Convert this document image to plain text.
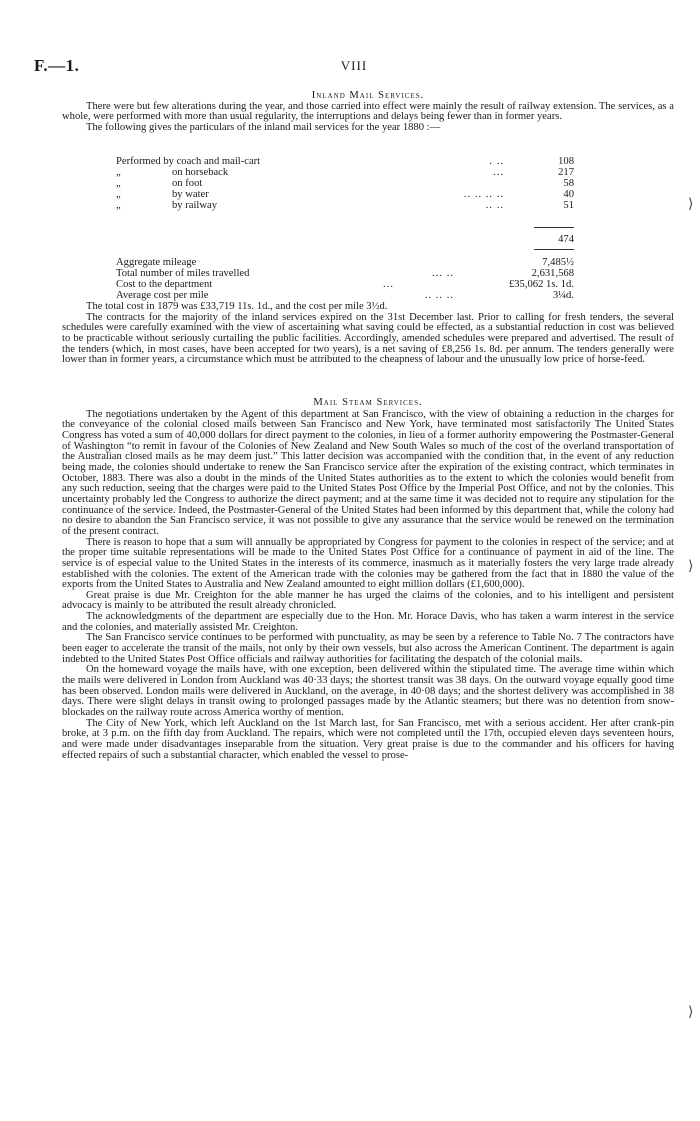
F.—1.	VIII
Inland Mail Services.

There were but few alterations during the year, and those carried into effect were mainly the result of railway extension. The services, as a whole, were performed with more than usual regularity, the interruptions and delays being fewer than in former years.

The following gives the particulars of the inland mail services for the year 1880 :—

Performed by coach and mail-cart	. ..	108
„	on horseback	...	217
„	on foot	58
„	by water	.. .. .. ..	40
„	by railway	.. ..	51
474
Aggregate mileage	7,485½
Total number of miles travelled	... ..	2,631,568
Cost to the department	...	£35,062 1s. 1d.
Average cost per mile	.. .. ..	3¼d.

The total cost in 1879 was £33,719 11s. 1d., and the cost per mile 3½d.

The contracts for the majority of the inland services expired on the 31st December last. Prior to calling for fresh tenders, the several schedules were carefully examined with the view of ascertaining what saving could be effected, as a substantial reduction in cost was believed to be practicable without seriously curtailing the public facilities. Accordingly, amended schedules were prepared and advertised. The result of the tenders (which, in most cases, have been accepted for two years), is a net saving of £8,256 1s. 8d. per annum. The tenders generally were lower than in former years, a circumstance which must be attributed to the cheapness of labour and the unusually low price of horse-feed.

Mail Steam Services.

The negotiations undertaken by the Agent of this department at San Francisco, with the view of obtaining a reduction in the charges for the conveyance of the colonial closed mails between San Francisco and New York, have terminated most satisfactorily The United States Congress has voted a sum of 40,000 dollars for direct payment to the colonies, in lieu of a former authority empowering the Postmaster-General of Washington “to remit in favour of the Colonies of New Zealand and New South Wales so much of the cost of the overland transportation of the Australian closed mails as he may deem just.” This latter decision was accompanied with the condition that, in the event of any reduction being made, the colonies should undertake to renew the San Francisco service after the expiration of the existing contract, which terminates in October, 1883. There was also a doubt in the minds of the United States authorities as to the extent to which the colonies would benefit from any such reduction, seeing that the charges were paid to the United States Post Office by the Imperial Post Office, and not by the colonies. This uncertainty probably led the Congress to authorize the direct payment; and at the same time it was decided not to require any stipulation for the continuance of the service. Indeed, the Postmaster-General of the United States had been informed by this department that, while the colony had no desire to abandon the San Francisco service, it was not possible to give any assurance that the service would be renewed on the termination of the present contract.

There is reason to hope that a sum will annually be appropriated by Congress for payment to the colonies in respect of the service; and at the proper time suitable representations will be made to the United States Post Office for a continuance of payment in aid of the line. The service is of especial value to the United States in the interests of its commerce, inasmuch as it materially fosters the very large trade already established with the colonies. The extent of the American trade with the colonies may be gathered from the fact that in 1880 the value of the exports from the United States to Australia and New Zealand amounted to eight million dollars (£1,600,000).

Great praise is due Mr. Creighton for the able manner he has urged the claims of the colonies, and to his intelligent and persistent advocacy is mainly to be attributed the result already chronicled.

The acknowledgments of the department are especially due to the Hon. Mr. Horace Davis, who has taken a warm interest in the service and the colonies, and materially assisted Mr. Creighton.

The San Francisco service continues to be performed with punctuality, as may be seen by a reference to Table No. 7 The contractors have been eager to accelerate the transit of the mails, not only by their own vessels, but also across the American Continent. The department is again indebted to the United States Post Office officials and railway authorities for facilitating the despatch of the colonial mails.

On the homeward voyage the mails have, with one exception, been delivered within the stipulated time. The average time within which the mails were delivered in London from Auckland was 40·33 days; the shortest transit was 38 days. On the outward voyage equally good time has been observed. London mails were delivered in Auckland, on the average, in 40·08 days; and the shortest delivery was accomplished in 38 days. There were slight delays in transit owing to prolonged passages made by the Atlantic steamers; but there was no detention from snow-blockades on the railway route across America worthy of mention.

The City of New York, which left Auckland on the 1st March last, for San Francisco, met with a serious accident. Her after crank-pin broke, at 3 p.m. on the fifth day from Auckland. The repairs, which were not completed until the 17th, occupied eleven days seventeen hours, and were made under disadvantages inseparable from the situation. Very great praise is due to the commander and his officers for having effected repairs of such a substantial character, which enabled the vessel to prose-

⟩
⟩
⟩
